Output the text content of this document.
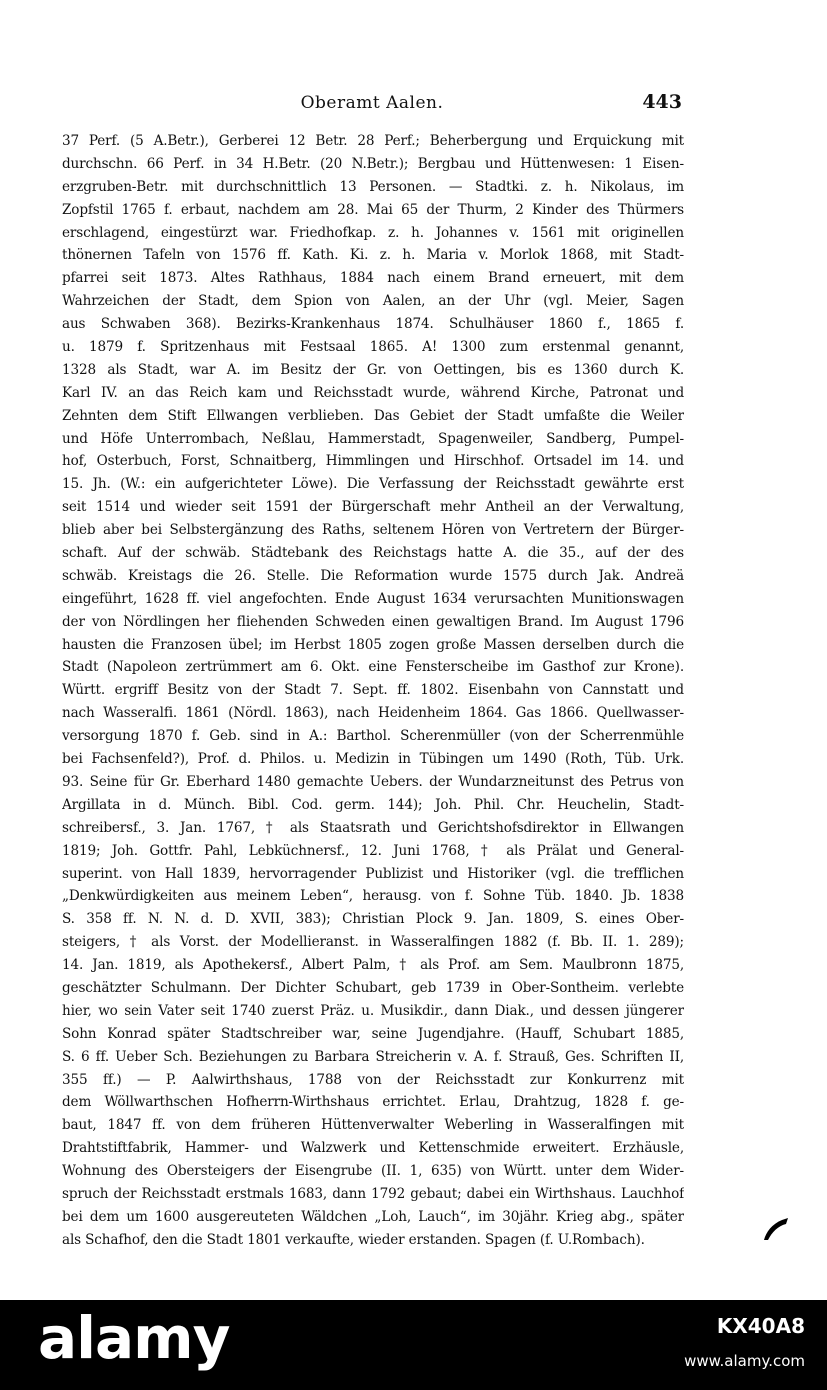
Oberamt Aalen.	443
37 Perf. (5 A.Betr.), Gerberei 12 Betr. 28 Perf.; Beherbergung und Erquickung mit
durchschn. 66 Perf. in 34 H.Betr. (20 N.Betr.); Bergbau und Hüttenwesen: 1 Eisen-
erzgruben-Betr. mit durchschnittlich 13 Personen. — Stadtki. z. h. Nikolaus, im
Zopfstil 1765 f. erbaut, nachdem am 28. Mai 65 der Thurm, 2 Kinder des Thürmers
erschlagend, eingestürzt war. Friedhofkap. z. h. Johannes v. 1561 mit originellen
thönernen Tafeln von 1576 ff. Kath. Ki. z. h. Maria v. Morlok 1868, mit Stadt-
pfarrei seit 1873. Altes Rathhaus, 1884 nach einem Brand erneuert, mit dem
Wahrzeichen der Stadt, dem Spion von Aalen, an der Uhr (vgl. Meier, Sagen
aus Schwaben 368). Bezirks-Krankenhaus 1874. Schulhäuser 1860 f., 1865 f.
u. 1879 f. Spritzenhaus mit Festsaal 1865. A! 1300 zum erstenmal genannt,
1328 als Stadt, war A. im Besitz der Gr. von Oettingen, bis es 1360 durch K.
Karl IV. an das Reich kam und Reichsstadt wurde, während Kirche, Patronat und
Zehnten dem Stift Ellwangen verblieben. Das Gebiet der Stadt umfaßte die Weiler
und Höfe Unterrombach, Neßlau, Hammerstadt, Spagenweiler, Sandberg, Pumpel-
hof, Osterbuch, Forst, Schnaitberg, Himmlingen und Hirschhof. Ortsadel im 14. und
15. Jh. (W.: ein aufgerichteter Löwe). Die Verfassung der Reichsstadt gewährte erst
seit 1514 und wieder seit 1591 der Bürgerschaft mehr Antheil an der Verwaltung,
blieb aber bei Selbstergänzung des Raths, seltenem Hören von Vertretern der Bürger-
schaft. Auf der schwäb. Städtebank des Reichstags hatte A. die 35., auf der des
schwäb. Kreistags die 26. Stelle. Die Reformation wurde 1575 durch Jak. Andreä
eingeführt, 1628 ff. viel angefochten. Ende August 1634 verursachten Munitionswagen
der von Nördlingen her fliehenden Schweden einen gewaltigen Brand. Im August 1796
hausten die Franzosen übel; im Herbst 1805 zogen große Massen derselben durch die
Stadt (Napoleon zertrümmert am 6. Okt. eine Fensterscheibe im Gasthof zur Krone).
Württ. ergriff Besitz von der Stadt 7. Sept. ff. 1802. Eisenbahn von Cannstatt und
nach Wasseralfi. 1861 (Nördl. 1863), nach Heidenheim 1864. Gas 1866. Quellwasser-
versorgung 1870 f. Geb. sind in A.: Barthol. Scherenmüller (von der Scherrenmühle
bei Fachsenfeld?), Prof. d. Philos. u. Medizin in Tübingen um 1490 (Roth, Tüb. Urk.
93. Seine für Gr. Eberhard 1480 gemachte Uebers. der Wundarzneitunst des Petrus von
Argillata in d. Münch. Bibl. Cod. germ. 144); Joh. Phil. Chr. Heuchelin, Stadt-
schreibersf., 3. Jan. 1767, † als Staatsrath und Gerichtshofsdirektor in Ellwangen
1819; Joh. Gottfr. Pahl, Lebküchnersf., 12. Juni 1768, † als Prälat und General-
superint. von Hall 1839, hervorragender Publizist und Historiker (vgl. die trefflichen
„Denkwürdigkeiten aus meinem Leben“, herausg. von f. Sohne Tüb. 1840. Jb. 1838
S. 358 ff. N. N. d. D. XVII, 383); Christian Plock 9. Jan. 1809, S. eines Ober-
steigers, † als Vorst. der Modellieranst. in Wasseralfingen 1882 (f. Bb. II. 1. 289);
14. Jan. 1819, als Apothekersf., Albert Palm, † als Prof. am Sem. Maulbronn 1875,
geschätzter Schulmann. Der Dichter Schubart, geb 1739 in Ober-Sontheim. verlebte
hier, wo sein Vater seit 1740 zuerst Präz. u. Musikdir., dann Diak., und dessen jüngerer
Sohn Konrad später Stadtschreiber war, seine Jugendjahre. (Hauff, Schubart 1885,
S. 6 ff. Ueber Sch. Beziehungen zu Barbara Streicherin v. A. f. Strauß, Ges. Schriften II,
355 ff.) — P. Aalwirthshaus, 1788 von der Reichsstadt zur Konkurrenz mit
dem Wöllwarthschen Hofherrn-Wirthshaus errichtet. Erlau, Drahtzug, 1828 f. ge-
baut, 1847 ff. von dem früheren Hüttenverwalter Weberling in Wasseralfingen mit
Drahtstiftfabrik, Hammer- und Walzwerk und Kettenschmide erweitert. Erzhäusle,
Wohnung des Obersteigers der Eisengrube (II. 1, 635) von Württ. unter dem Wider-
spruch der Reichsstadt erstmals 1683, dann 1792 gebaut; dabei ein Wirthshaus. Lauchhof
bei dem um 1600 ausgereuteten Wäldchen „Loh, Lauch“, im 30jähr. Krieg abg., später
als Schafhof, den die Stadt 1801 verkaufte, wieder erstanden. Spagen (f. U.Rombach).
alamy	KX40A8
www.alamy.com
